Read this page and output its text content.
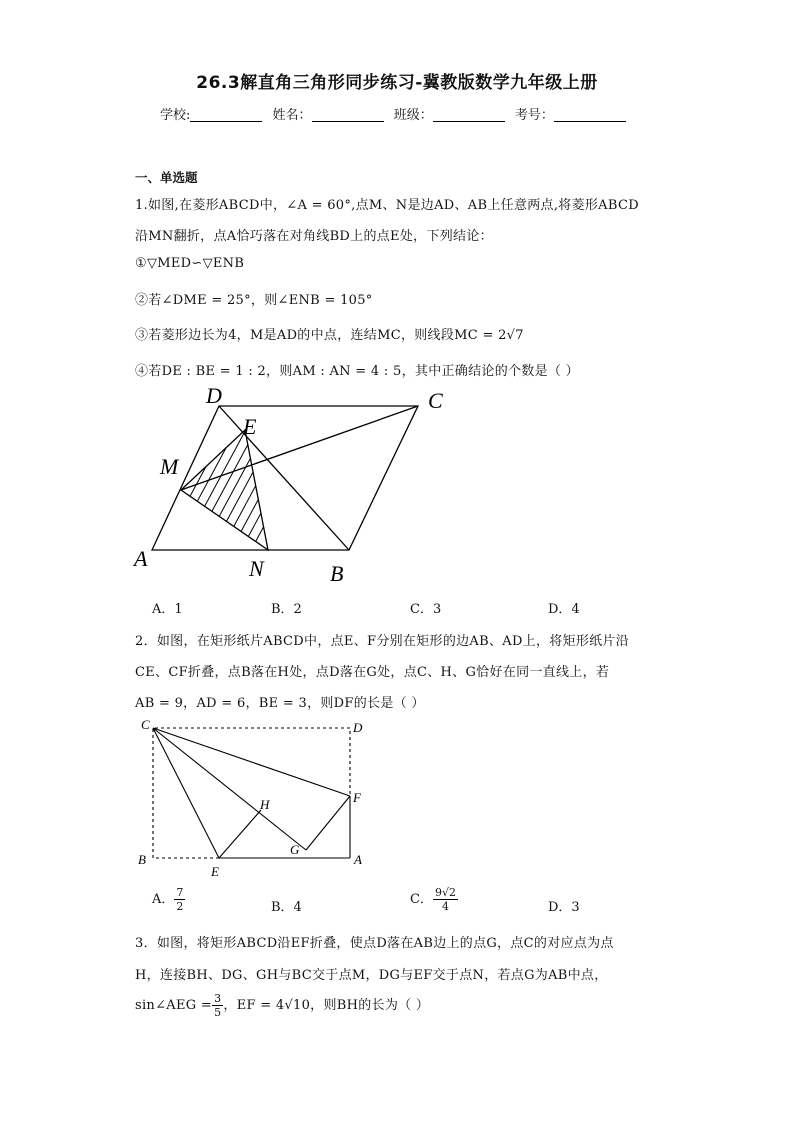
26.3解直角三角形同步练习-冀教版数学九年级上册
学校:	姓名：	班级：	考号：
一、单选题
1.如图,在菱形ABCD中，∠A = 60°,点M、N是边AD、AB上任意两点,将菱形ABCD
沿MN翻折，点A恰巧落在对角线BD上的点E处，下列结论：
①▽MED∽▽ENB
②若∠DME = 25°，则∠ENB = 105°
③若菱形边长为4，M是AD的中点，连结MC，则线段MC = 2√7
④若DE : BE = 1 : 2，则AM : AN = 4 : 5，其中正确结论的个数是（ ）
D	C
E
M
A	N	B
A．1	B．2	C．3	D．4
2．如图，在矩形纸片ABCD中，点E、F分别在矩形的边AB、AD上，将矩形纸片沿
CE、CF折叠，点B落在H处，点D落在G处，点C、H、G恰好在同一直线上，若
AB = 9，AD = 6，BE = 3，则DF的长是（ ）
C	D
H	F
G
B
E
A
A． $\frac{7}{2}$	B．4
C． $\frac{9√2}{4}$	D．3
3．如图，将矩形ABCD沿EF折叠，使点D落在AB边上的点G，点C的对应点为点
H，连接BH、DG、GH与BC交于点M，DG与EF交于点N，若点G为AB中点，
sin∠AEG = $\frac{3}{5}$ ，EF = 4√10，则BH的长为（ ）
